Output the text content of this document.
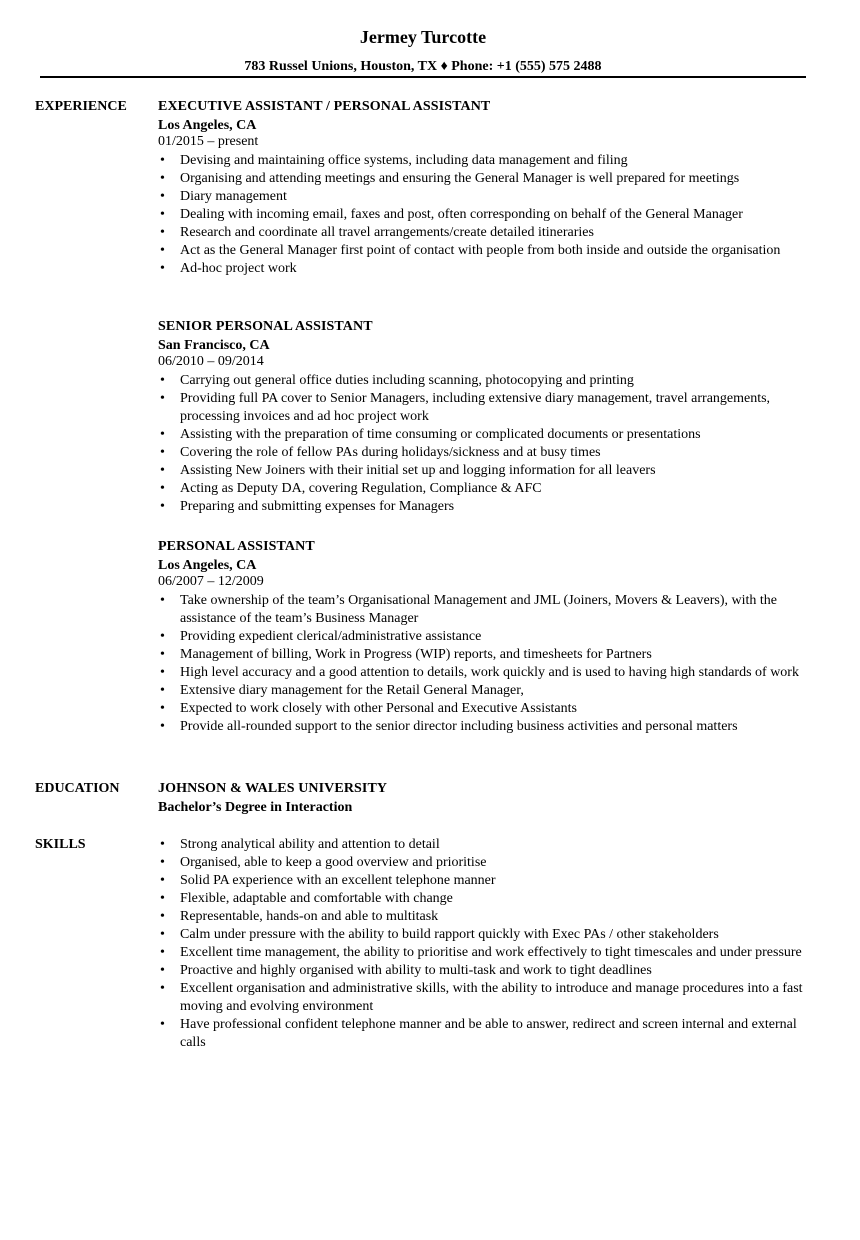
Jermey Turcotte
783 Russel Unions, Houston, TX ♦ Phone: +1 (555) 575 2488
EXPERIENCE EXECUTIVE ASSISTANT / PERSONAL ASSISTANT

Los Angeles, CA

01/2015 – present

• Devising and maintaining office systems, including data management and filing
• Organising and attending meetings and ensuring the General Manager is well prepared for meetings
• Diary management
• Dealing with incoming email, faxes and post, often corresponding on behalf of the General Manager
• Research and coordinate all travel arrangements/create detailed itineraries
• Act as the General Manager first point of contact with people from both inside and outside the organisation
• Ad-hoc project work
SENIOR PERSONAL ASSISTANT

San Francisco, CA

06/2010 – 09/2014

• Carrying out general office duties including scanning, photocopying and printing
• Providing full PA cover to Senior Managers, including extensive diary management, travel arrangements, processing invoices and ad hoc project work
• Assisting with the preparation of time consuming or complicated documents or presentations
• Covering the role of fellow PAs during holidays/sickness and at busy times
• Assisting New Joiners with their initial set up and logging information for all leavers
• Acting as Deputy DA, covering Regulation, Compliance & AFC
• Preparing and submitting expenses for Managers
PERSONAL ASSISTANT

Los Angeles, CA

06/2007 – 12/2009

• Take ownership of the team’s Organisational Management and JML (Joiners, Movers & Leavers), with the assistance of the team’s Business Manager
• Providing expedient clerical/administrative assistance
• Management of billing, Work in Progress (WIP) reports, and timesheets for Partners
• High level accuracy and a good attention to details, work quickly and is used to having high standards of work
• Extensive diary management for the Retail General Manager,
• Expected to work closely with other Personal and Executive Assistants
• Provide all-rounded support to the senior director including business activities and personal matters
EDUCATION	JOHNSON & WALES UNIVERSITY

Bachelor’s Degree in Interaction

SKILLS
•	Strong analytical ability and attention to detail
• Organised, able to keep a good overview and prioritise
• Solid PA experience with an excellent telephone manner
• Flexible, adaptable and comfortable with change
• Representable, hands-on and able to multitask
• Calm under pressure with the ability to build rapport quickly with Exec PAs / other stakeholders
• Excellent time management, the ability to prioritise and work effectively to tight timescales and under pressure
• Proactive and highly organised with ability to multi-task and work to tight deadlines
• Excellent organisation and administrative skills, with the ability to introduce and manage procedures into a fast moving and evolving environment
• Have professional confident telephone manner and be able to answer, redirect and screen internal and external calls
